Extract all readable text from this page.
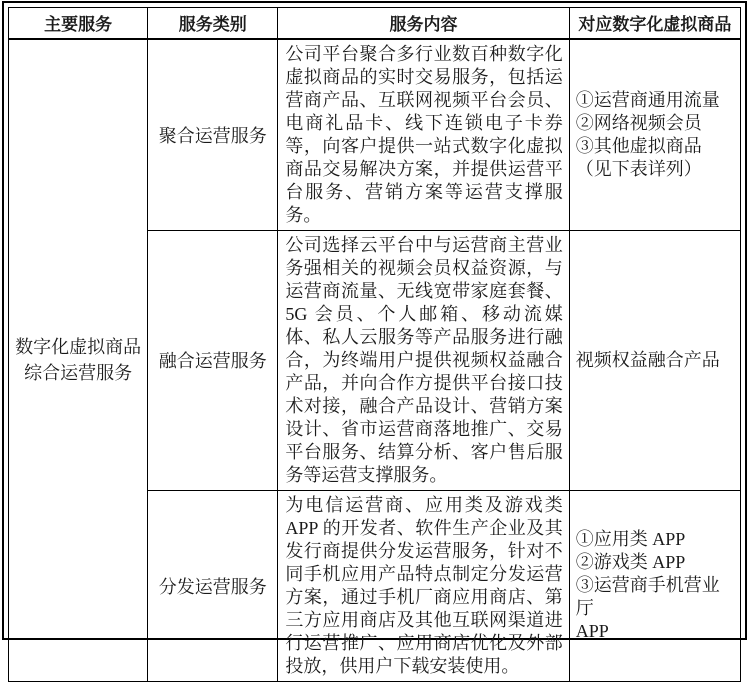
主要服务	服务类别	服务内容	对应数字化虚拟商品

数字化虚拟商品
综合运营服务
	聚合运营服务	公司平台聚合多行业数百种数字化虚拟商品的实时交易服务，包括运营商产品、互联网视频平台会员、电商礼品卡、线下连锁电子卡券等，向客户提供一站式数字化虚拟商品交易解决方案，并提供运营平台服务、营销方案等运营支撑服务。	
①运营商通用流量
②网络视频会员
③其他虚拟商品
（见下表详列）

	融合运营服务	公司选择云平台中与运营商主营业务强相关的视频会员权益资源，与运营商流量、无线宽带家庭套餐、5G 会员、个人邮箱、移动流媒体、私人云服务等产品服务进行融合，为终端用户提供视频权益融合产品，并向合作方提供平台接口技术对接，融合产品设计、营销方案设计、省市运营商落地推广、交易平台服务、结算分析、客户售后服务等运营支撑服务。	视频权益融合产品

	分发运营服务	为电信运营商、应用类及游戏类 APP 的开发者、软件生产企业及其发行商提供分发运营服务，针对不同手机应用产品特点制定分发运营方案，通过手机厂商应用商店、第三方应用商店及其他互联网渠道进行运营推广、应用商店优化及外部投放，供用户下载安装使用。	①应用类 APP
②游戏类 APP
③运营商手机营业厅
APP
